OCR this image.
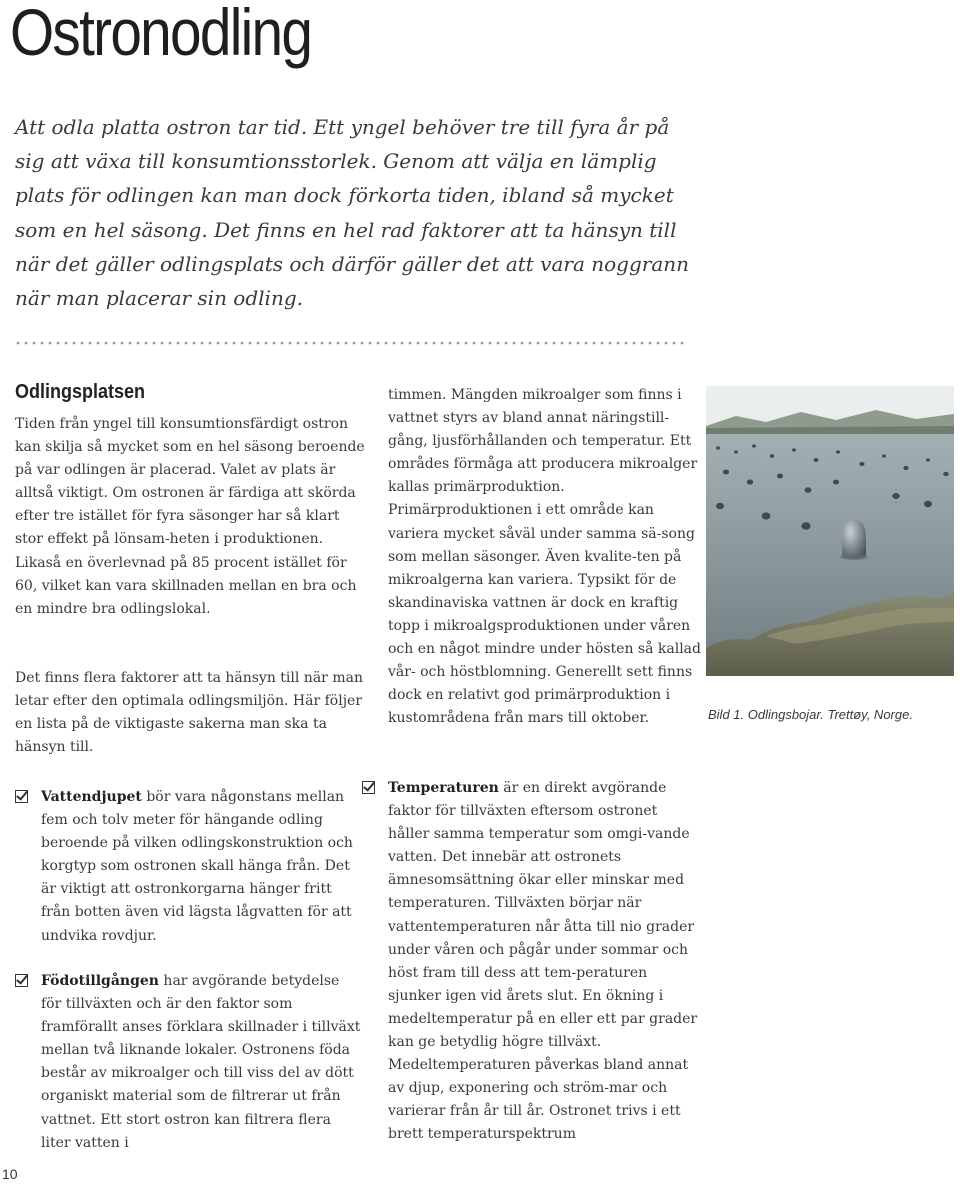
Ostronodling

Att odla platta ostron tar tid. Ett yngel behöver tre till fyra år på sig att växa till konsumtionsstorlek. Genom att välja en lämplig plats för odlingen kan man dock förkorta tiden, ibland så mycket som en hel säsong. Det finns en hel rad faktorer att ta hänsyn till när det gäller odlingsplats och därför gäller det att vara noggrann när man placerar sin odling.

Odlingsplatsen

Tiden från yngel till konsumtionsfärdigt ostron kan skilja så mycket som en hel säsong beroende på var odlingen är placerad. Valet av plats är alltså viktigt. Om ostronen är färdiga att skörda efter tre istället för fyra säsonger har så klart stor effekt på lönsam-heten i produktionen. Likaså en överlevnad på 85 procent istället för 60, vilket kan vara skillnaden mellan en bra och en mindre bra odlingslokal.

Det finns flera faktorer att ta hänsyn till när man letar efter den optimala odlingsmiljön. Här följer en lista på de viktigaste sakerna man ska ta hänsyn till.

timmen. Mängden mikroalger som finns i vattnet styrs av bland annat näringstill-gång, ljusförhållanden och temperatur. Ett områdes förmåga att producera mikroalger kallas primärproduktion. Primärproduktionen i ett område kan variera mycket såväl under samma sä-song som mellan säsonger. Även kvalite-ten på mikroalgerna kan variera. Typsikt för de skandinaviska vattnen är dock en kraftig topp i mikroalgsproduktionen under våren och en något mindre under hösten så kallad vår- och höstblomning. Generellt sett finns dock en relativt god primärproduktion i kustområdena från mars till oktober.

Vattendjupet bör vara någonstans mellan fem och tolv meter för hängande odling beroende på vilken odlingskonstruktion och korgtyp som ostronen skall hänga från. Det är viktigt att ostronkorgarna hänger fritt från botten även vid lägsta lågvatten för att undvika rovdjur.

Födotillgången har avgörande betydelse för tillväxten och är den faktor som framförallt anses förklara skillnader i tillväxt mellan två liknande lokaler. Ostronens föda består av mikroalger och till viss del av dött organiskt material som de filtrerar ut från vattnet. Ett stort ostron kan filtrera flera liter vatten i

Temperaturen är en direkt avgörande faktor för tillväxten eftersom ostronet håller samma temperatur som omgi-vande vatten. Det innebär att ostronets ämnesomsättning ökar eller minskar med temperaturen. Tillväxten börjar när vattentemperaturen når åtta till nio grader under våren och pågår under sommar och höst fram till dess att tem-peraturen sjunker igen vid årets slut. En ökning i medeltemperatur på en eller ett par grader kan ge betydlig högre tillväxt. Medeltemperaturen påverkas bland annat av djup, exponering och ström-mar och varierar från år till år. Ostronet trivs i ett brett temperaturspektrum

Bild 1. Odlingsbojar. Trettøy, Norge.

10
